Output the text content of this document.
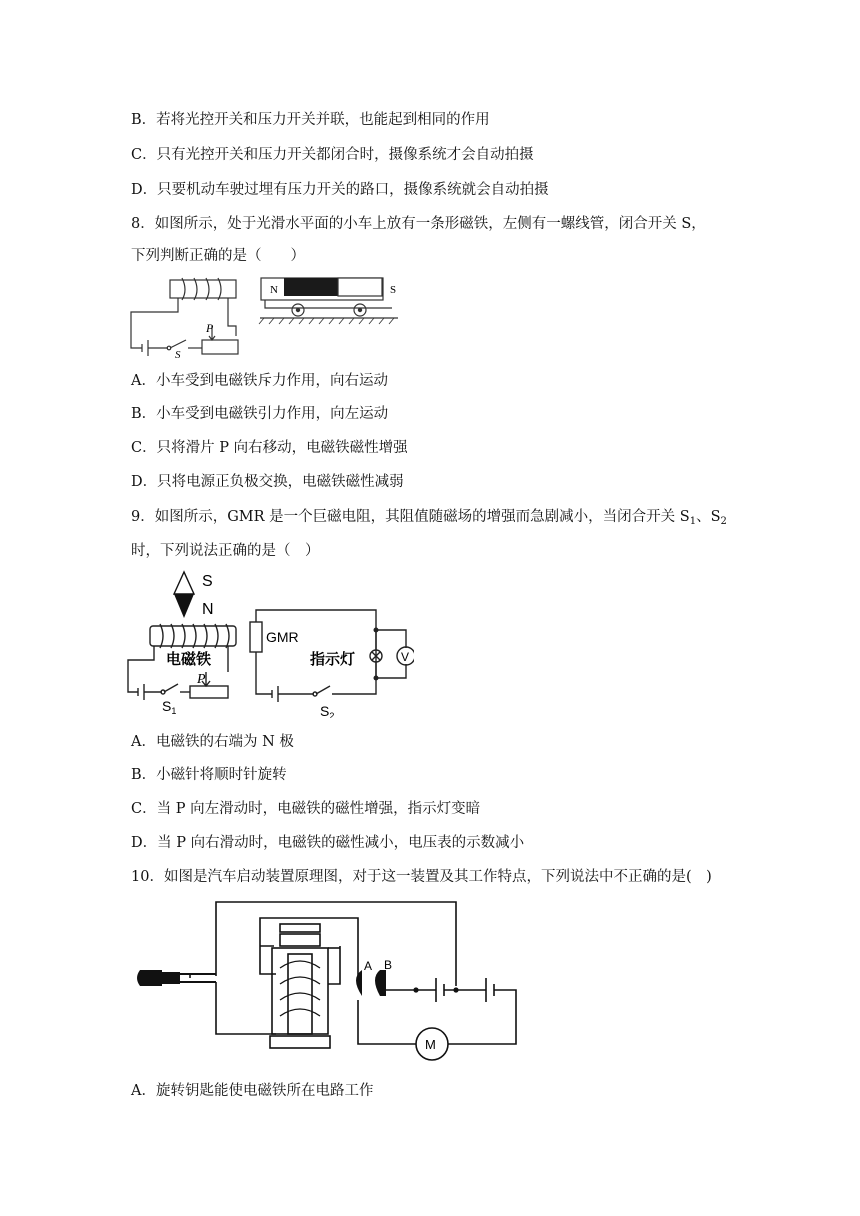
B．若将光控开关和压力开关并联，也能起到相同的作用
C．只有光控开关和压力开关都闭合时，摄像系统才会自动拍摄
D．只要机动车驶过埋有压力开关的路口，摄像系统就会自动拍摄
8．如图所示，处于光滑水平面的小车上放有一条形磁铁，左侧有一螺线管，闭合开关 S，
下列判断正确的是（　　）
N	S
P
S
A．小车受到电磁铁斥力作用，向右运动
B．小车受到电磁铁引力作用，向左运动
C．只将滑片 P 向右移动，电磁铁磁性增强
D．只将电源正负极交换，电磁铁磁性减弱
9．如图所示，GMR 是一个巨磁电阻，其阻值随磁场的增强而急剧减小，当闭合开关 $S_1$、$S_2$
时，下列说法正确的是（　）
S
N
V
GMR
指示灯
电磁铁
P
$S_1$	$S_2$
A．电磁铁的右端为 N 极
B．小磁针将顺时针旋转
C．当 P 向左滑动时，电磁铁的磁性增强，指示灯变暗
D．当 P 向右滑动时，电磁铁的磁性减小，电压表的示数减小
10．如图是汽车启动装置原理图，对于这一装置及其工作特点，下列说法中不正确的是(　)
A B
M
A．旋转钥匙能使电磁铁所在电路工作
